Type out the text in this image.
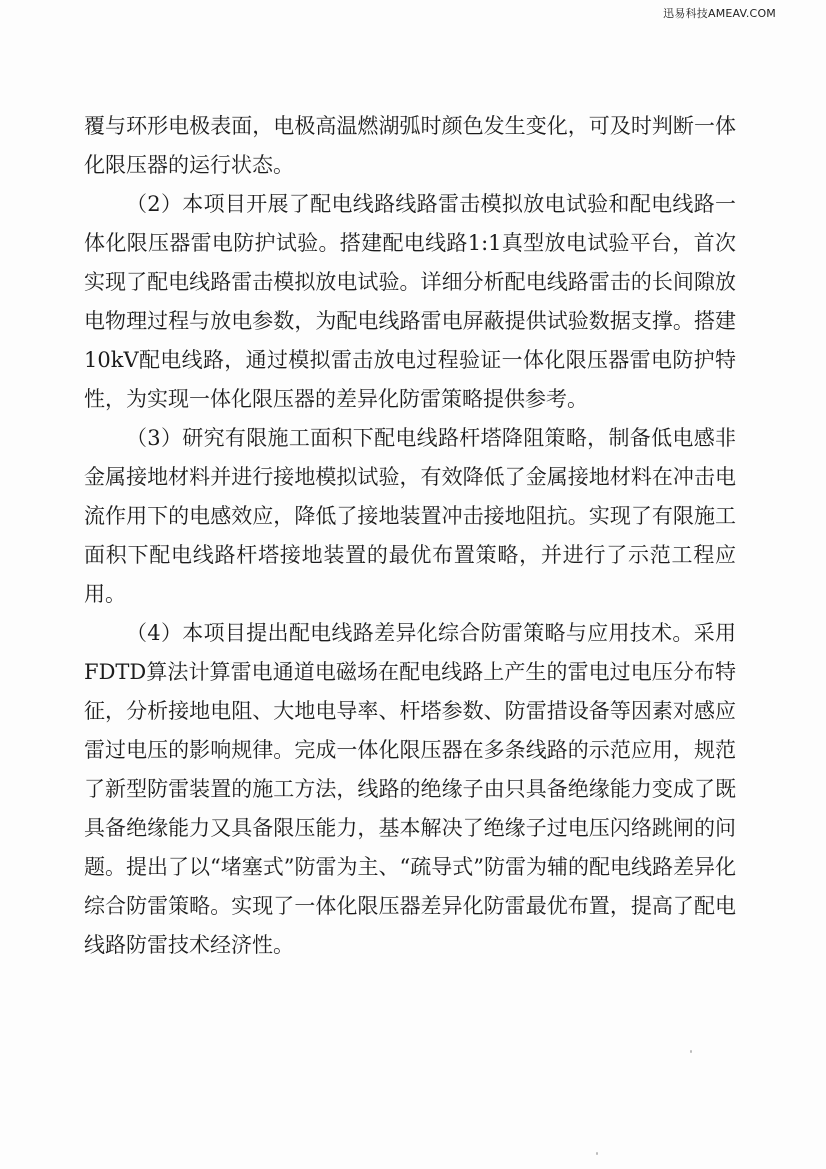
迅易科技AMEAV.COM

覆与环形电极表面，电极高温燃湖弧时颜色发生变化，可及时判断一体化限压器的运行状态。

（2）本项目开展了配电线路线路雷击模拟放电试验和配电线路一体化限压器雷电防护试验。搭建配电线路1:1真型放电试验平台，首次实现了配电线路雷击模拟放电试验。详细分析配电线路雷击的长间隙放电物理过程与放电参数，为配电线路雷电屏蔽提供试验数据支撑。搭建10kV配电线路，通过模拟雷击放电过程验证一体化限压器雷电防护特性，为实现一体化限压器的差异化防雷策略提供参考。

（3）研究有限施工面积下配电线路杆塔降阻策略，制备低电感非金属接地材料并进行接地模拟试验，有效降低了金属接地材料在冲击电流作用下的电感效应，降低了接地装置冲击接地阻抗。实现了有限施工面积下配电线路杆塔接地装置的最优布置策略，并进行了示范工程应用。

（4）本项目提出配电线路差异化综合防雷策略与应用技术。采用FDTD算法计算雷电通道电磁场在配电线路上产生的雷电过电压分布特征，分析接地电阻、大地电导率、杆塔参数、防雷措设备等因素对感应雷过电压的影响规律。完成一体化限压器在多条线路的示范应用，规范了新型防雷装置的施工方法，线路的绝缘子由只具备绝缘能力变成了既具备绝缘能力又具备限压能力，基本解决了绝缘子过电压闪络跳闸的问题。提出了以“堵塞式”防雷为主、“疏导式”防雷为辅的配电线路差异化综合防雷策略。实现了一体化限压器差异化防雷最优布置，提高了配电线路防雷技术经济性。
